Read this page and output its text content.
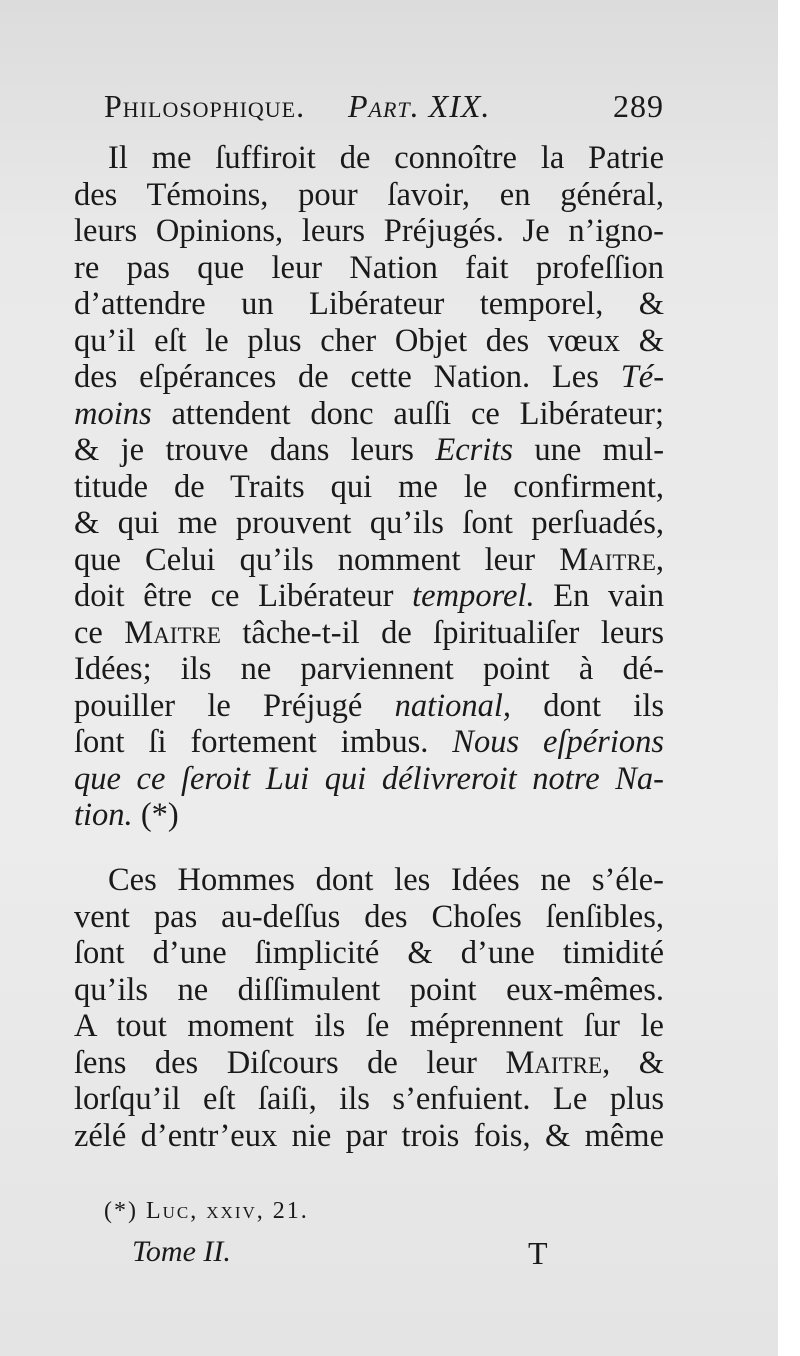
Philosophique. Part. XIX.	289
Il me ſuffiroit de connoître la Patrie
des Témoins, pour ſavoir, en général,
leurs Opinions, leurs Préjugés. Je n’igno-
re pas que leur Nation fait profeſſion
d’attendre un Libérateur temporel, &
qu’il eſt le plus cher Objet des vœux &
des eſpérances de cette Nation. Les Té-
moins attendent donc auſſi ce Libérateur;
& je trouve dans leurs Ecrits une mul-
titude de Traits qui me le confirment,
& qui me prouvent qu’ils ſont perſuadés,
que Celui qu’ils nomment leur Maitre,
doit être ce Libérateur temporel. En vain
ce Maitre tâche-t-il de ſpiritualiſer leurs
Idées; ils ne parviennent point à dé-
pouiller le Préjugé national, dont ils
ſont ſi fortement imbus. Nous eſpérions
que ce ſeroit Lui qui délivreroit notre Na-
tion. (*)
Ces Hommes dont les Idées ne s’éle-
vent pas au-deſſus des Choſes ſenſibles,
ſont d’une ſimplicité & d’une timidité
qu’ils ne diſſimulent point eux-mêmes.
A tout moment ils ſe méprennent ſur le
ſens des Diſcours de leur Maitre, &
lorſqu’il eſt ſaiſi, ils s’enfuient. Le plus
zélé d’entr’eux nie par trois fois, & même
(*) Luc, xxiv, 21.
Tome II.	T
